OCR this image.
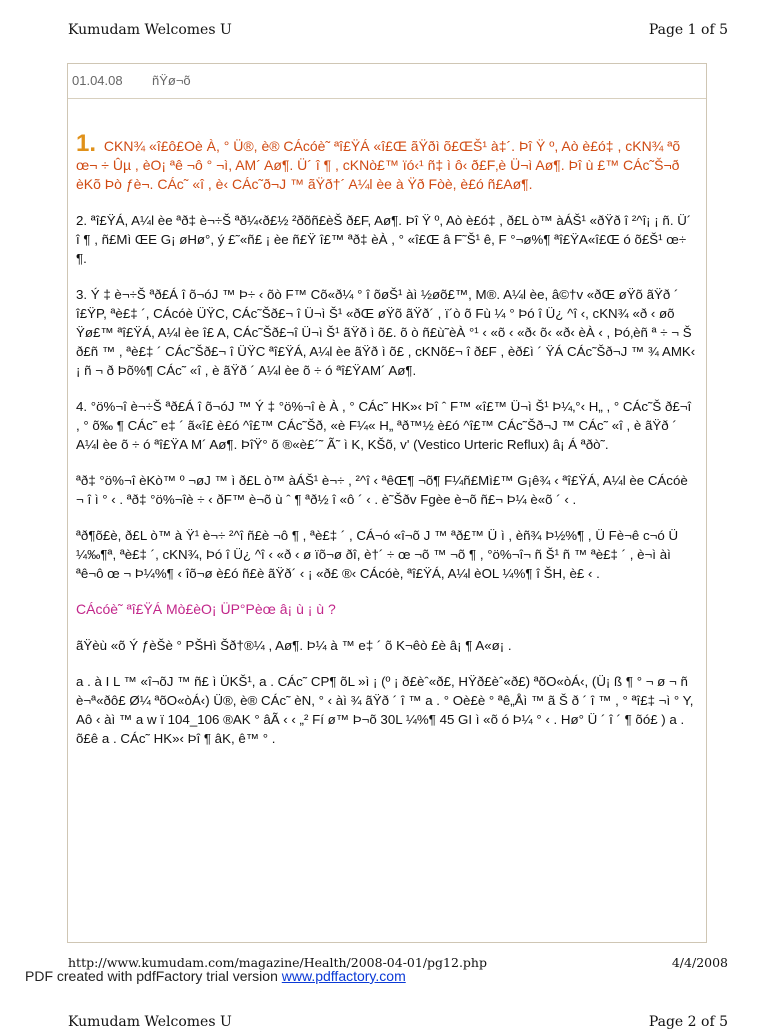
Kumudam Welcomes U	Page 1 of 5
01.04.08 ñŸø¬õ

1. CKN¾ «î£ô£Oè À, ° Ü®, è® CÁcóè˜ ªî£ŸÁ «î£Œ ãŸðì õ£ŒŠ¹ à‡´. Þî Ÿ º, Aò è£ó‡ , cKN¾ ªõ œ¬ ÷ Ûµ , èO¡ ªê ¬ô ° ¬ì, AM´ Aø¶. Ü´ î ¶ , cKNò£™ ïó‹¹ ñ‡ ì ô‹ ð£F‚è Ü¬ì Aø¶. Þî ù £™ CÁc˜Š¬ð èKõ Þò ƒè¬. CÁc˜ «î , è‹ CÁc˜ð¬J ™ ãŸð†´ A¼l èe à Ÿð Fòè, è£ó ñ£Aø¶.

2. ªî£ŸÁ, A¼l èe ªð‡ è¬÷Š ªð¼‹ð£½ ²ðõñ£èŠ ð£F, Aø¶. Þî Ÿ º, Aò è£ó‡ , ð£L ò™ àÁŠ¹ «ðŸð î ²^î¡ ¡ ñ. Ü´ î ¶ , ñ£Mì ŒE G¡ øHø°, ý £˜«ñ£ ¡ èe ñ£Ÿ î£™ ªð‡ èÀ , ° «î£Œ â F˜Š¹ ê, F °¬ø%¶ ªî£ŸA«î£Œ ó õ£Š¹ œ÷ ¶.

3. Ý ‡ è¬÷Š ªð£Á î õ¬óJ ™ Þ÷ ‹ õò F™ Cõ«ð¼ ° î õøŠ¹ àì ½øõ£™, M®. A¼l èe, â©†v «ðŒ øŸõ ãŸð ´ î£ŸP, ªè£‡ ´, CÁcóè ÜŸC, CÁc˜Šð£¬ î Ü¬ì Š¹ «ðŒ øŸõ ãŸð´ , ï´ò õ Fù ¼ ° Þó î Ü¿ ^î ‹, cKN¾ «ð ‹ øõ Ÿø£™ ªî£ŸÁ, A¼l èe î£ A, CÁc˜Šð£¬î Ü¬ì Š¹ ãŸð ì õ£. õ ò ñ£ù˜èÀ °¹ ‹ «õ ‹ «ð‹ õ‹ «ð‹ èÀ ‹ , Þó‚èñ ª ÷ ¬ Š ð£ñ ™ , ªè£‡ ´ CÁc˜Šð£¬ î ÜŸC ªî£ŸÁ, A¼l èe ãŸð ì õ£ , cKNõ£¬ î ð£F , èð£ì ´ ŸÁ CÁc˜Šð¬J ™ ¾ AMK‹ ¡ ñ ¬ ð Þõ%¶ CÁc˜ «î , è ãŸð ´ A¼l èe õ ÷ ó ªî£ŸAM´ Aø¶.

4. °ö%¬î è¬÷Š ªð£Á î õ¬óJ ™ Ý ‡ °ö%¬î è À , ° CÁc˜ HK»‹ Þî ˆ F™ «î£™ Ü¬ì Š¹ Þ¼‚°‹ H„ , ° CÁc˜Š ð£¬î , ° õ‰ ¶ CÁc˜ e‡ ´ ã«î£ è£ó ^î£™ CÁc˜Šð, «è F¼« H„ ªð™½ è£ó ^î£™ CÁc˜Šð¬J ™ CÁc˜ «î , è ãŸð ´ A¼l èe õ ÷ ó ªî£ŸA M´ Aø¶. ÞîŸ° õ ®«è£´˜ Ã˜ ì K, KŠõ, v' (Vestico Urteric Reflux) â¡ Á ªðò˜.

ªð‡ °ö%¬î èKò™ º ¬øJ ™ ì ð£L ò™ àÁŠ¹ è¬÷ , ²^î ‹ ªêŒ¶ ¬õ¶ F¼ñ£Mì£™ G¡ê¾ ‹ ªî£ŸÁ, A¼l èe CÁcóè ¬ î ì ° ‹ . ªð‡ °ö%¬îè ÷ ‹ ðF™ è¬õ ù ˆ ¶ ªð½ î «ô ´ ‹ . è˜Šðv Fgèe è¬õ ñ£¬ Þ¼ è«õ ´ ‹ .

ªð¶õ£è, ð£L ò™ à Ÿ¹ è¬÷ ²^î ñ£è ¬ô ¶ , ªè£‡ ´ , CÁ¬ó «î¬õ J ™ ªð£™ Ü ì , èñ¾ Þ½%¶ , Ü Fè¬ê c¬ó Ü ¼‰¶ª, ªè£‡ ´, cKN¾, Þó î Ü¿ ^î ‹ «ð ‹ ø ïõ¬ø ðî, è†´ ÷ œ ¬õ ™ ¬õ ¶ , °ö%¬î¬ ñ Š¹ ñ ™ ªè£‡ ´ , è¬ì àì ªê¬ô œ ¬ Þ¼%¶ ‹ îõ¬ø è£ó ñ£è ãŸð´ ‹ ¡ «ð£ ®‹ CÁcóè, ªî£ŸÁ, A¼l èOL ¼%¶ î ŠH, è£ ‹ .

CÁcóè˜ ªî£ŸÁ Mò£èO¡ ÜP°Pèœ â¡ ù ¡ ù ?

ãŸèù «õ Ý ƒèŠè ° PŠHì Šð†®¼ , Aø¶. Þ¼ à ™ e‡ ´ õ K¬êò £è â¡ ¶ A«ø¡ .

a . à I L ™ «î¬õJ ™ ñ£ ì ÜKŠ¹, a . CÁc˜ CP¶ õL »ì ¡ (º ¡ ð£èˆ«ð£, HŸð£èˆ«ð£) ªõO«òÁ‹, (Ü¡ ß ¶ ° ¬ ø ¬ ñ è¬ª«ðô£ Ø¼ ªõO«òÁ‹) Ü®, è® CÁc˜ èN, ° ‹ àì ¾ ãŸð ´ î ™ a . ° Oè£è ° ªê„Åì ™ ã Š ð ´ î ™ , ° ªî£‡ ¬ì ° Y, Aô ‹ àì ™ a w ï 104_106 ®AK ° âÃ ‹ ‹ „² Fí ø™ Þ¬õ 30L ¼%¶ 45 GI ì «õ ó Þ¼ ° ‹ . Hø° Ü ´ î ´ ¶ õó£ ) a . õ£ê a . CÁc˜ HK»‹ Þî ¶ âK, ê™ ° .

http://www.kumudam.com/magazine/Health/2008-04-01/pg12.php	4/4/2008
PDF created with pdfFactory trial version www.pdffactory.com
Kumudam Welcomes U	Page 2 of 5
